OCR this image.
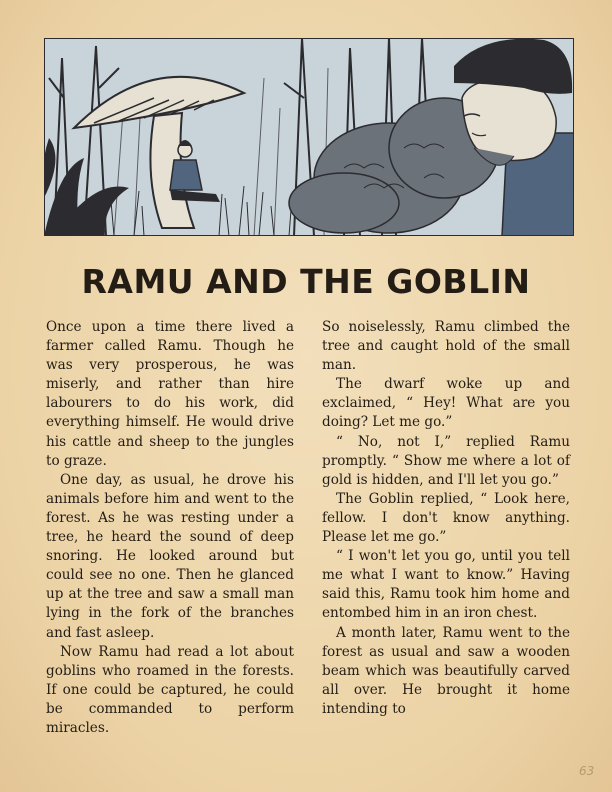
RAMU AND THE GOBLIN

Once upon a time there lived a farmer called Ramu. Though he was very prosperous, he was miserly, and rather than hire labourers to do his work, did everything himself. He would drive his cattle and sheep to the jungles to graze.

One day, as usual, he drove his animals before him and went to the forest. As he was resting under a tree, he heard the sound of deep snoring. He looked around but could see no one. Then he glanced up at the tree and saw a small man lying in the fork of the branches and fast asleep.

Now Ramu had read a lot about goblins who roamed in the forests. If one could be captured, he could be commanded to perform miracles.

So noiselessly, Ramu climbed the tree and caught hold of the small man.

The dwarf woke up and exclaimed, “ Hey! What are you doing? Let me go.”

“ No, not I,” replied Ramu promptly. “ Show me where a lot of gold is hidden, and I'll let you go.”

The Goblin replied, “ Look here, fellow. I don't know anything. Please let me go.”

“ I won't let you go, until you tell me what I want to know.” Having said this, Ramu took him home and entombed him in an iron chest.

A month later, Ramu went to the forest as usual and saw a wooden beam which was beautifully carved all over. He brought it home intending to

63
